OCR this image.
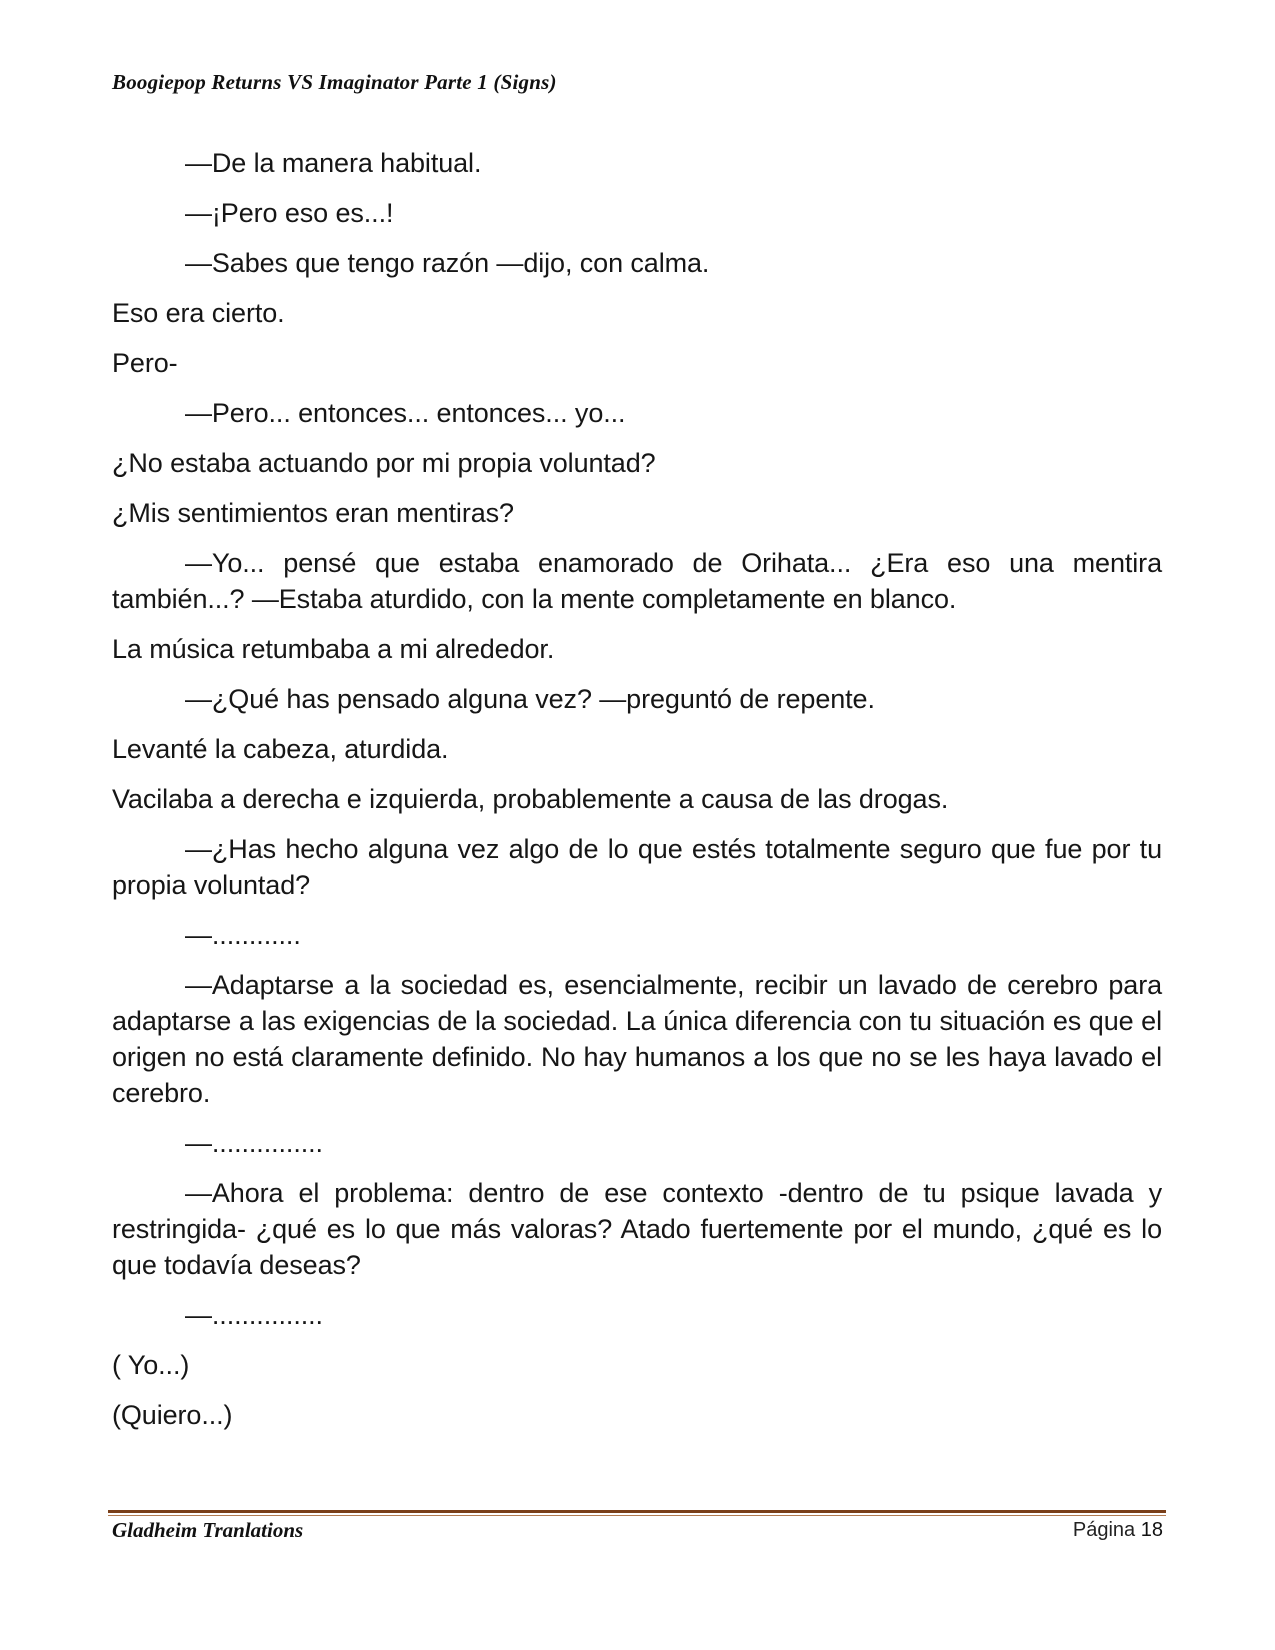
Boogiepop Returns VS Imaginator Parte 1 (Signs)

—De la manera habitual.

—¡Pero eso es...!

—Sabes que tengo razón —dijo, con calma.

Eso era cierto.

Pero-

—Pero... entonces... entonces... yo...

¿No estaba actuando por mi propia voluntad?

¿Mis sentimientos eran mentiras?

—Yo... pensé que estaba enamorado de Orihata... ¿Era eso una mentira también...? —Estaba aturdido, con la mente completamente en blanco.

La música retumbaba a mi alrededor.

—¿Qué has pensado alguna vez? —preguntó de repente.

Levanté la cabeza, aturdida.

Vacilaba a derecha e izquierda, probablemente a causa de las drogas.

—¿Has hecho alguna vez algo de lo que estés totalmente seguro que fue por tu propia voluntad?

—............

—Adaptarse a la sociedad es, esencialmente, recibir un lavado de cerebro para adaptarse a las exigencias de la sociedad. La única diferencia con tu situación es que el origen no está claramente definido. No hay humanos a los que no se les haya lavado el cerebro.

—...............

—Ahora el problema: dentro de ese contexto -dentro de tu psique lavada y restringida- ¿qué es lo que más valoras? Atado fuertemente por el mundo, ¿qué es lo que todavía deseas?

—...............

( Yo...)

(Quiero...)

Gladheim Tranlations	Página 18
